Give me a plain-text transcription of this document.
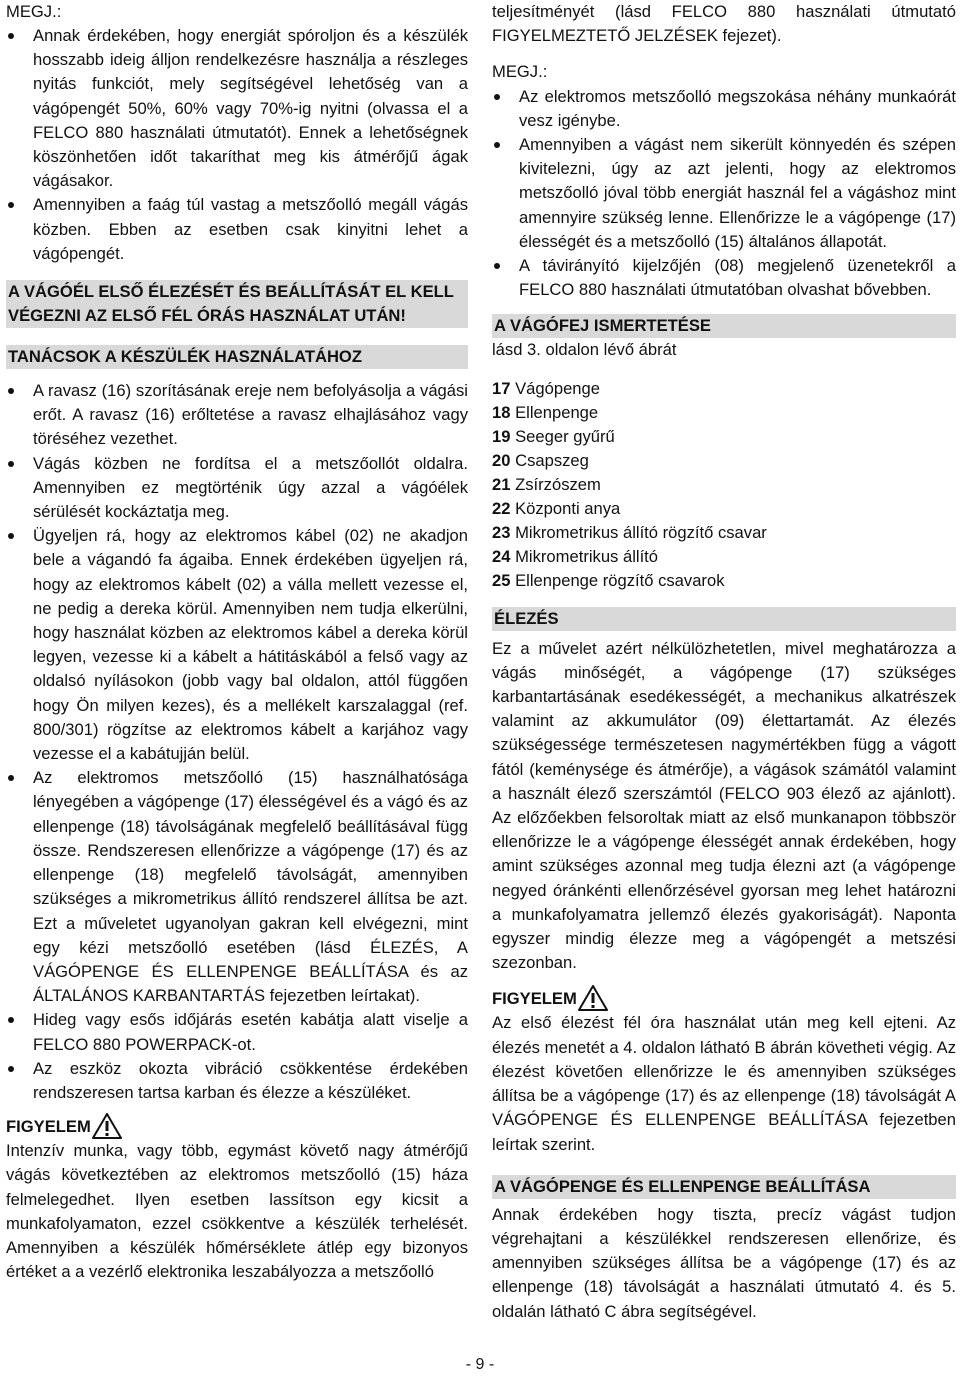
MEGJ.:

Annak érdekében, hogy energiát spóroljon és a készülék hosszabb ideig álljon rendelkezésre használja a részleges nyitás funkciót, mely segítségével lehetőség van a vágópengét 50%, 60% vagy 70%-ig nyitni (olvassa el a FELCO 880 használati útmutatót). Ennek a lehetőségnek köszönhetően időt takaríthat meg kis átmérőjű ágak vágásakor.
Amennyiben a faág túl vastag a metszőolló megáll vágás közben. Ebben az esetben csak kinyitni lehet a vágópengét.
A VÁGÓÉL ELSŐ ÉLEZÉSÉT ÉS BEÁLLÍTÁSÁT EL KELL VÉGEZNI AZ ELSŐ FÉL ÓRÁS HASZNÁLAT UTÁN!
TANÁCSOK A KÉSZÜLÉK HASZNÁLATÁHOZ
A ravasz (16) szorításának ereje nem befolyásolja a vágási erőt. A ravasz (16) erőltetése a ravasz elhajlásához vagy töréséhez vezethet.
Vágás közben ne fordítsa el a metszőollót oldalra. Amennyiben ez megtörténik úgy azzal a vágóélek sérülését kockáztatja meg.
Ügyeljen rá, hogy az elektromos kábel (02) ne akadjon bele a vágandó fa ágaiba. Ennek érdekében ügyeljen rá, hogy az elektromos kábelt (02) a válla mellett vezesse el, ne pedig a dereka körül. Amennyiben nem tudja elkerülni, hogy használat közben az elektromos kábel a dereka körül legyen, vezesse ki a kábelt a hátitáskából a felső vagy az oldalsó nyílásokon (jobb vagy bal oldalon, attól függően hogy Ön milyen kezes), és a mellékelt karszalaggal (ref. 800/301) rögzítse az elektromos kábelt a karjához vagy vezesse el a kabátujján belül.
Az elektromos metszőolló (15) használhatósága lényegében a vágópenge (17) élességével és a vágó és az ellenpenge (18) távolságának megfelelő beállításával függ össze. Rendszeresen ellenőrizze a vágópenge (17) és az ellenpenge (18) megfelelő távolságát, amennyiben szükséges a mikrometrikus állító rendszerel állítsa be azt. Ezt a műveletet ugyanolyan gakran kell elvégezni, mint egy kézi metszőolló esetében (lásd ÉLEZÉS, A VÁGÓPENGE ÉS ELLENPENGE BEÁLLÍTÁSA és az ÁLTALÁNOS KARBANTARTÁS fejezetben leírtakat).
Hideg vagy esős időjárás esetén kabátja alatt viselje a FELCO 880 POWERPACK-ot.
Az eszköz okozta vibráció csökkentése érdekében rendszeresen tartsa karban és élezze a készüléket.
FIGYELEM

Intenzív munka, vagy több, egymást követő nagy átmérőjű vágás következtében az elektromos metszőolló (15) háza felmelegedhet. Ilyen esetben lassítson egy kicsit a munkafolyamaton, ezzel csökkentve a készülék terhelését. Amennyiben a készülék hőmérséklete átlép egy bizonyos értéket a a vezérlő elektronika leszabályozza a metszőolló

teljesítményét (lásd FELCO 880 használati útmutató FIGYELMEZTETŐ JELZÉSEK fejezet).

MEGJ.:

Az elektromos metszőolló megszokása néhány munkaórát vesz igénybe.
Amennyiben a vágást nem sikerült könnyedén és szépen kivitelezni, úgy az azt jelenti, hogy az elektromos metszőolló jóval több energiát használ fel a vágáshoz mint amennyire szükség lenne. Ellenőrizze le a vágópenge (17) élességét és a metszőolló (15) általános állapotát.
A távirányító kijelzőjén (08) megjelenő üzenetekről a FELCO 880 használati útmutatóban olvashat bővebben.
A VÁGÓFEJ ISMERTETÉSE

lásd 3. oldalon lévő ábrát

17 Vágópenge
18 Ellenpenge
19 Seeger gyűrű
20 Csapszeg
21 Zsírzószem
22 Központi anya
23 Mikrometrikus állító rögzítő csavar
24 Mikrometrikus állító
25 Ellenpenge rögzítő csavarok
ÉLEZÉS

Ez a művelet azért nélkülözhetetlen, mivel meghatározza a vágás minőségét, a vágópenge (17) szükséges karbantartásának esedékességét, a mechanikus alkatrészek valamint az akkumulátor (09) élettartamát. Az élezés szükségessége természetesen nagymértékben függ a vágott fától (keménysége és átmérője), a vágások számától valamint a használt élező szerszámtól (FELCO 903 élező az ajánlott). Az előzőekben felsoroltak miatt az első munkanapon többször ellenőrizze le a vágópenge élességét annak érdekében, hogy amint szükséges azonnal meg tudja élezni azt (a vágópenge negyed óránkénti ellenőrzésével gyorsan meg lehet határozni a munkafolyamatra jellemző élezés gyakoriságát). Naponta egyszer mindig élezze meg a vágópengét a metszési szezonban.

FIGYELEM

Az első élezést fél óra használat után meg kell ejteni. Az élezés menetét a 4. oldalon látható B ábrán követheti végig. Az élezést követően ellenőrizze le és amennyiben szükséges állítsa be a vágópenge (17) és az ellenpenge (18) távolságát A VÁGÓPENGE ÉS ELLENPENGE BEÁLLÍTÁSA fejezetben leírtak szerint.

A VÁGÓPENGE ÉS ELLENPENGE BEÁLLÍTÁSA

Annak érdekében hogy tiszta, precíz vágást tudjon végrehajtani a készülékkel rendszeresen ellenőrize, és amennyiben szükséges állítsa be a vágópenge (17) és az ellenpenge (18) távolságát a használati útmutató 4. és 5. oldalán látható C ábra segítségével.

- 9 -
